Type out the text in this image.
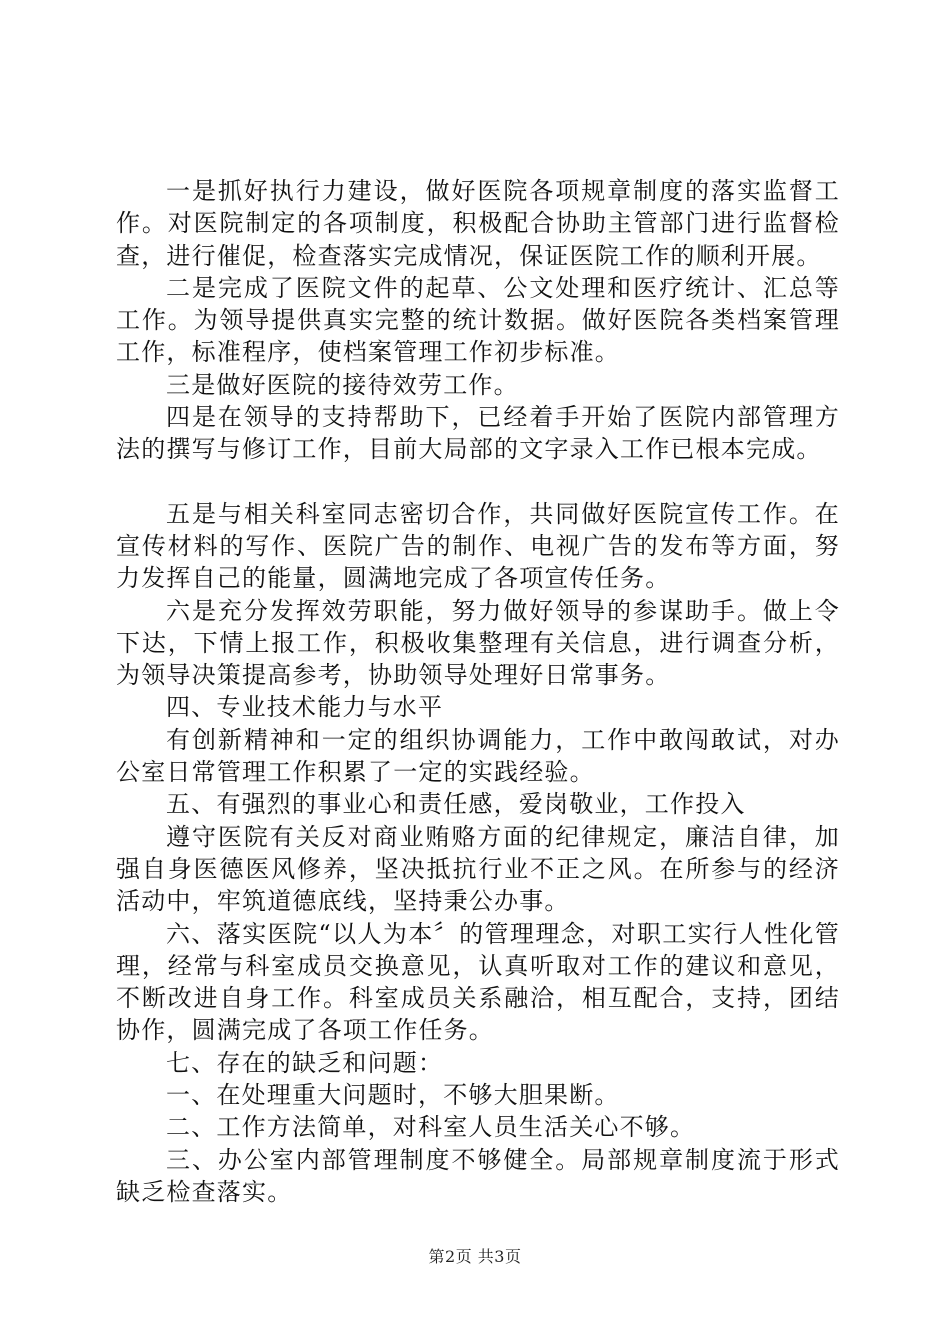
一是抓好执行力建设，做好医院各项规章制度的落实监督工作。对医院制定的各项制度，积极配合协助主管部门进行监督检查，进行催促，检查落实完成情况，保证医院工作的顺利开展。

二是完成了医院文件的起草、公文处理和医疗统计、汇总等工作。为领导提供真实完整的统计数据。做好医院各类档案管理工作，标准程序，使档案管理工作初步标准。

三是做好医院的接待效劳工作。

四是在领导的支持帮助下，已经着手开始了医院内部管理方法的撰写与修订工作，目前大局部的文字录入工作已根本完成。

五是与相关科室同志密切合作，共同做好医院宣传工作。在宣传材料的写作、医院广告的制作、电视广告的发布等方面，努力发挥自己的能量，圆满地完成了各项宣传任务。

六是充分发挥效劳职能，努力做好领导的参谋助手。做上令下达，下情上报工作，积极收集整理有关信息，进行调查分析，为领导决策提高参考，协助领导处理好日常事务。

四、专业技术能力与水平

有创新精神和一定的组织协调能力，工作中敢闯敢试，对办公室日常管理工作积累了一定的实践经验。

五、有强烈的事业心和责任感，爱岗敬业，工作投入

遵守医院有关反对商业贿赂方面的纪律规定，廉洁自律，加强自身医德医风修养，坚决抵抗行业不正之风。在所参与的经济活动中，牢筑道德底线，坚持秉公办事。

六、落实医院“以人为本〞的管理理念，对职工实行人性化管理，经常与科室成员交换意见，认真听取对工作的建议和意见，不断改进自身工作。科室成员关系融洽，相互配合，支持，团结协作，圆满完成了各项工作任务。

七、存在的缺乏和问题：

一、在处理重大问题时，不够大胆果断。

二、工作方法简单，对科室人员生活关心不够。

三、办公室内部管理制度不够健全。局部规章制度流于形式缺乏检查落实。

第2页 共3页
